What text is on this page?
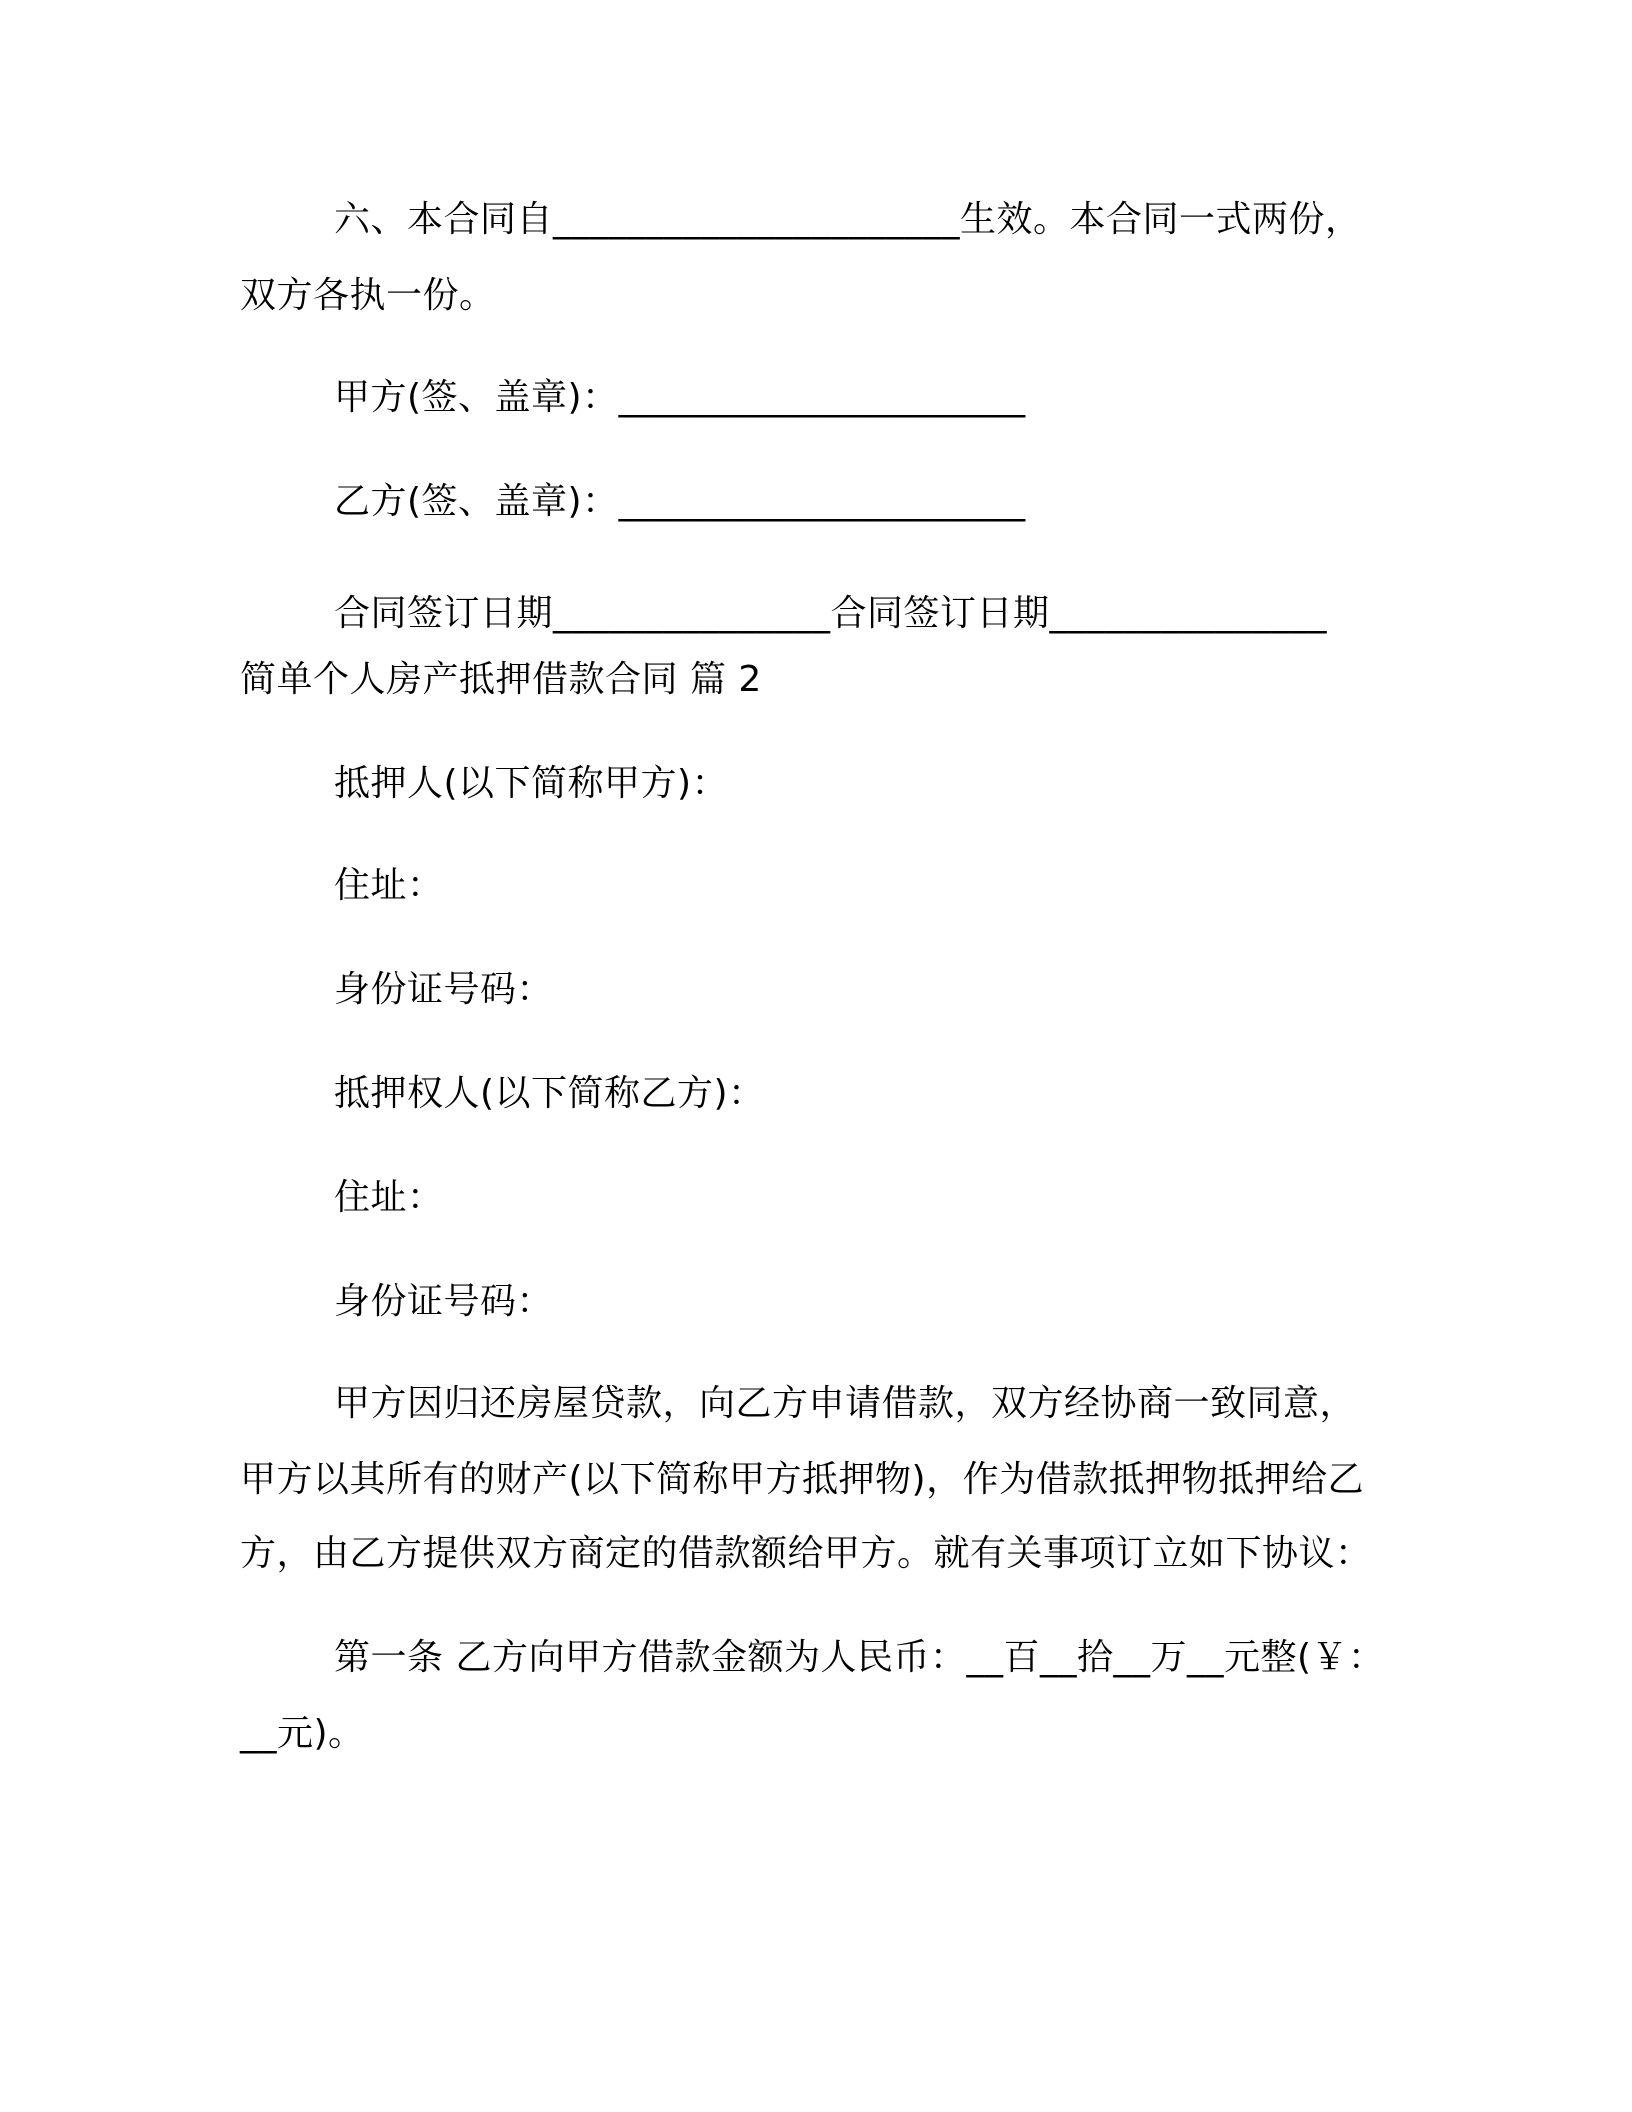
六、本合同自______________________生效。本合同一式两份，
双方各执一份。
甲方(签、盖章)：______________________
乙方(签、盖章)：______________________
合同签订日期_______________合同签订日期_______________
简单个人房产抵押借款合同 篇 2
抵押人(以下简称甲方)：
住址：
身份证号码：
抵押权人(以下简称乙方)：
住址：
身份证号码：
甲方因归还房屋贷款，向乙方申请借款，双方经协商一致同意，
甲方以其所有的财产(以下简称甲方抵押物)，作为借款抵押物抵押给乙
方，由乙方提供双方商定的借款额给甲方。就有关事项订立如下协议：
第一条 乙方向甲方借款金额为人民币：__百__拾__万__元整(￥：
__元)。
